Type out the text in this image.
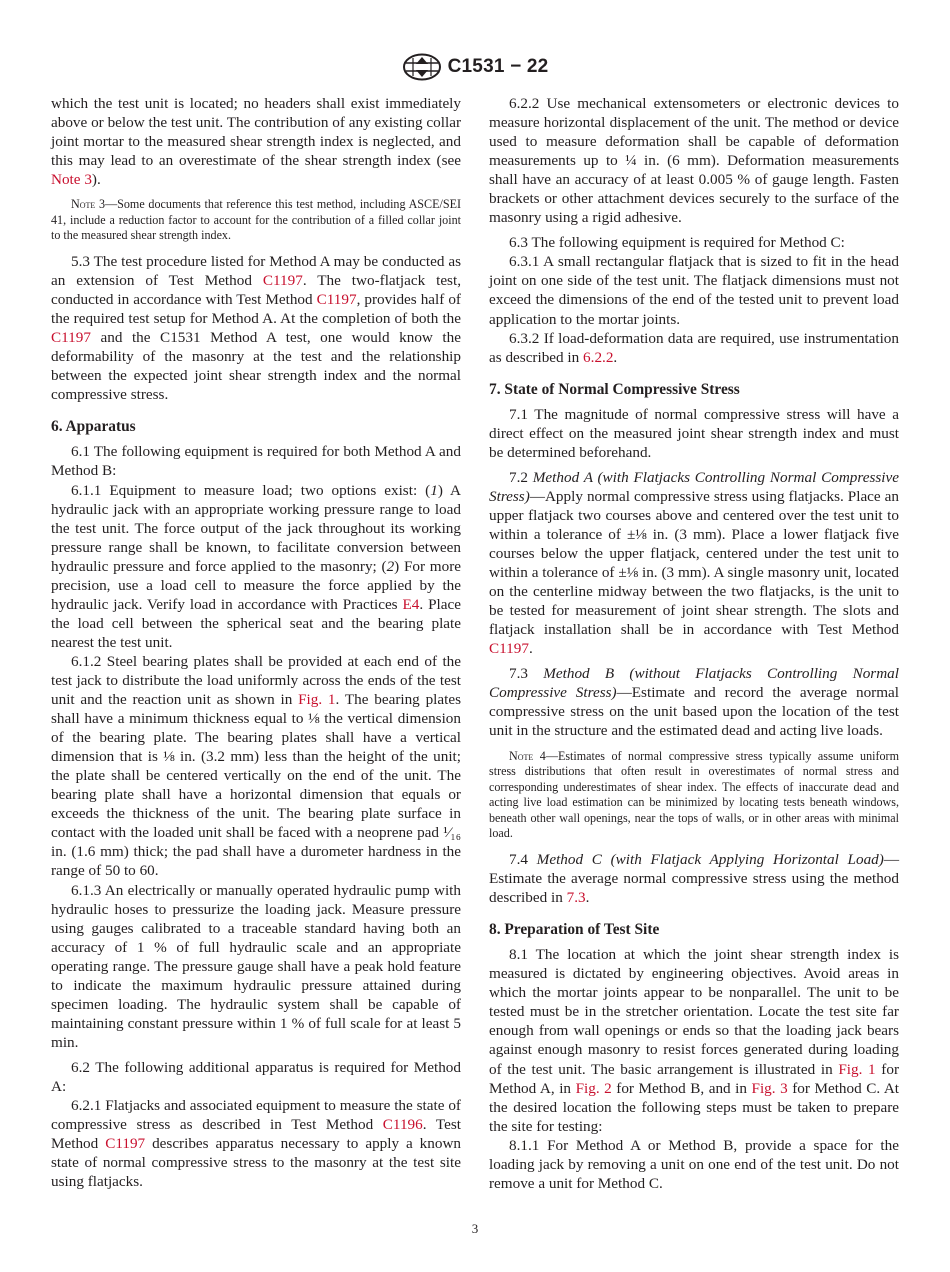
C1531 − 22

which the test unit is located; no headers shall exist immediately above or below the test unit. The contribution of any existing collar joint mortar to the measured shear strength index is neglected, and this may lead to an overestimate of the shear strength index (see Note 3).

Note 3—Some documents that reference this test method, including ASCE/SEI 41, include a reduction factor to account for the contribution of a filled collar joint to the measured shear strength index.

5.3 The test procedure listed for Method A may be conducted as an extension of Test Method C1197. The two-flatjack test, conducted in accordance with Test Method C1197, provides half of the required test setup for Method A. At the completion of both the C1197 and the C1531 Method A test, one would know the deformability of the masonry at the test and the relationship between the expected joint shear strength index and the normal compressive stress.

6. Apparatus

6.1 The following equipment is required for both Method A and Method B:

6.1.1 Equipment to measure load; two options exist: (1) A hydraulic jack with an appropriate working pressure range to load the test unit. The force output of the jack throughout its working pressure range shall be known, to facilitate conversion between hydraulic pressure and force applied to the masonry; (2) For more precision, use a load cell to measure the force applied by the hydraulic jack. Verify load in accordance with Practices E4. Place the load cell between the spherical seat and the bearing plate nearest the test unit.

6.1.2 Steel bearing plates shall be provided at each end of the test jack to distribute the load uniformly across the ends of the test unit and the reaction unit as shown in Fig. 1. The bearing plates shall have a minimum thickness equal to ⅛ the vertical dimension of the bearing plate. The bearing plates shall have a vertical dimension that is ⅛ in. (3.2 mm) less than the height of the unit; the plate shall be centered vertically on the end of the unit. The bearing plate shall have a horizontal dimension that equals or exceeds the thickness of the unit. The bearing plate surface in contact with the loaded unit shall be faced with a neoprene pad ¹⁄₁₆ in. (1.6 mm) thick; the pad shall have a durometer hardness in the range of 50 to 60.

6.1.3 An electrically or manually operated hydraulic pump with hydraulic hoses to pressurize the loading jack. Measure pressure using gauges calibrated to a traceable standard having both an accuracy of 1 % of full hydraulic scale and an appropriate operating range. The pressure gauge shall have a peak hold feature to indicate the maximum hydraulic pressure attained during specimen loading. The hydraulic system shall be capable of maintaining constant pressure within 1 % of full scale for at least 5 min.

6.2 The following additional apparatus is required for Method A:

6.2.1 Flatjacks and associated equipment to measure the state of compressive stress as described in Test Method C1196. Test Method C1197 describes apparatus necessary to apply a known state of normal compressive stress to the masonry at the test site using flatjacks.

6.2.2 Use mechanical extensometers or electronic devices to measure horizontal displacement of the unit. The method or device used to measure deformation shall be capable of deformation measurements up to ¼ in. (6 mm). Deformation measurements shall have an accuracy of at least 0.005 % of gauge length. Fasten brackets or other attachment devices securely to the surface of the masonry using a rigid adhesive.

6.3 The following equipment is required for Method C:

6.3.1 A small rectangular flatjack that is sized to fit in the head joint on one side of the test unit. The flatjack dimensions must not exceed the dimensions of the end of the tested unit to prevent load application to the mortar joints.

6.3.2 If load-deformation data are required, use instrumentation as described in 6.2.2.

7. State of Normal Compressive Stress

7.1 The magnitude of normal compressive stress will have a direct effect on the measured joint shear strength index and must be determined beforehand.

7.2 Method A (with Flatjacks Controlling Normal Compressive Stress)—Apply normal compressive stress using flatjacks. Place an upper flatjack two courses above and centered over the test unit to within a tolerance of ±⅛ in. (3 mm). Place a lower flatjack five courses below the upper flatjack, centered under the test unit to within a tolerance of ±⅛ in. (3 mm). A single masonry unit, located on the centerline midway between the two flatjacks, is the unit to be tested for measurement of joint shear strength. The slots and flatjack installation shall be in accordance with Test Method C1197.

7.3 Method B (without Flatjacks Controlling Normal Compressive Stress)—Estimate and record the average normal compressive stress on the unit based upon the location of the test unit in the structure and the estimated dead and acting live loads.

Note 4—Estimates of normal compressive stress typically assume uniform stress distributions that often result in overestimates of normal stress and corresponding underestimates of shear index. The effects of inaccurate dead and acting live load estimation can be minimized by locating tests beneath windows, beneath other wall openings, near the tops of walls, or in other areas with minimal load.

7.4 Method C (with Flatjack Applying Horizontal Load)—Estimate the average normal compressive stress using the method described in 7.3.

8. Preparation of Test Site

8.1 The location at which the joint shear strength index is measured is dictated by engineering objectives. Avoid areas in which the mortar joints appear to be nonparallel. The unit to be tested must be in the stretcher orientation. Locate the test site far enough from wall openings or ends so that the loading jack bears against enough masonry to resist forces generated during loading of the test unit. The basic arrangement is illustrated in Fig. 1 for Method A, in Fig. 2 for Method B, and in Fig. 3 for Method C. At the desired location the following steps must be taken to prepare the site for testing:

8.1.1 For Method A or Method B, provide a space for the loading jack by removing a unit on one end of the test unit. Do not remove a unit for Method C.

3
